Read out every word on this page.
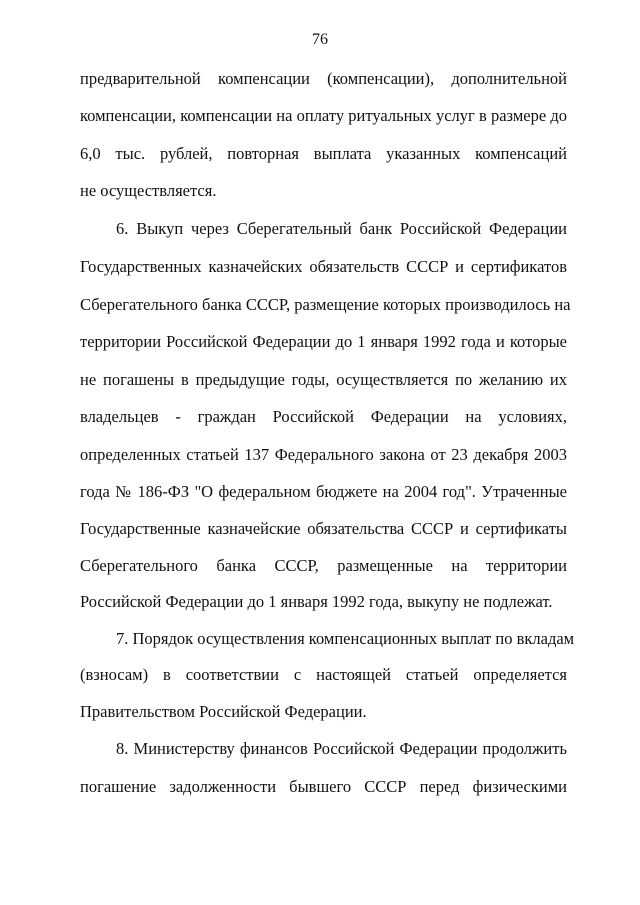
76
предварительной компенсации (компенсации), дополнительной
компенсации, компенсации на оплату ритуальных услуг в размере до
6,0 тыс. рублей, повторная выплата указанных компенсаций
не осуществляется.
6. Выкуп через Сберегательный банк Российской Федерации
Государственных казначейских обязательств СССР и сертификатов
Сберегательного банка СССР, размещение которых производилось на
территории Российской Федерации до 1 января 1992 года и которые
не погашены в предыдущие годы, осуществляется по желанию их
владельцев - граждан Российской Федерации на условиях,
определенных статьей 137 Федерального закона от 23 декабря 2003
года № 186-ФЗ "О федеральном бюджете на 2004 год". Утраченные
Государственные казначейские обязательства СССР и сертификаты
Сберегательного банка СССР, размещенные на территории
Российской Федерации до 1 января 1992 года, выкупу не подлежат.
7. Порядок осуществления компенсационных выплат по вкладам
(взносам) в соответствии с настоящей статьей определяется
Правительством Российской Федерации.
8. Министерству финансов Российской Федерации продолжить
погашение задолженности бывшего СССР перед физическими
